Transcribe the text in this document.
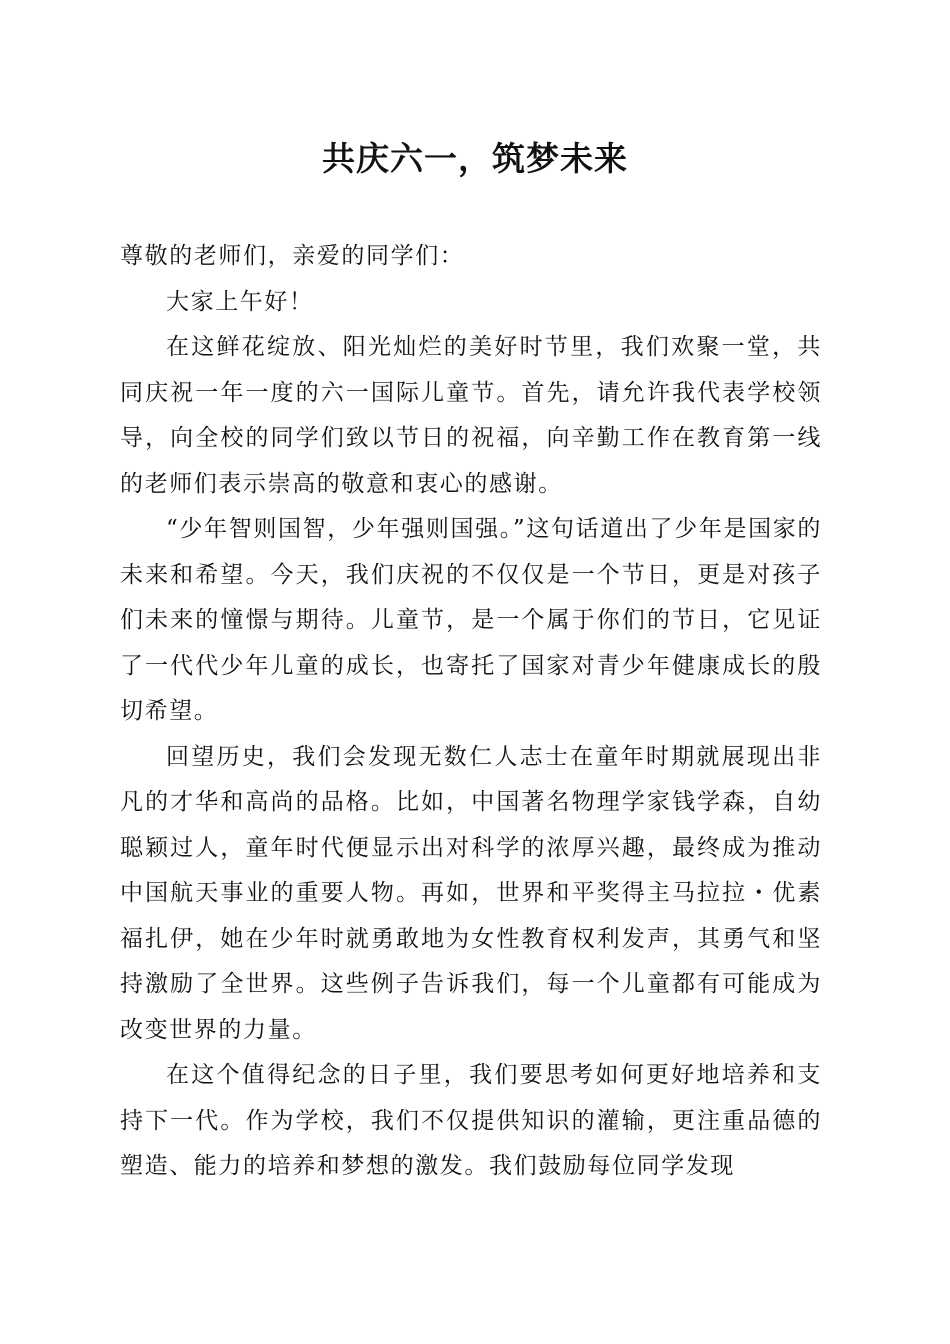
共庆六一，筑梦未来

尊敬的老师们，亲爱的同学们：

大家上午好！

在这鲜花绽放、阳光灿烂的美好时节里，我们欢聚一堂，共同庆祝一年一度的六一国际儿童节。首先，请允许我代表学校领导，向全校的同学们致以节日的祝福，向辛勤工作在教育第一线的老师们表示崇高的敬意和衷心的感谢。

“少年智则国智，少年强则国强。”这句话道出了少年是国家的未来和希望。今天，我们庆祝的不仅仅是一个节日，更是对孩子们未来的憧憬与期待。儿童节，是一个属于你们的节日，它见证了一代代少年儿童的成长，也寄托了国家对青少年健康成长的殷切希望。

回望历史，我们会发现无数仁人志士在童年时期就展现出非凡的才华和高尚的品格。比如，中国著名物理学家钱学森，自幼聪颖过人，童年时代便显示出对科学的浓厚兴趣，最终成为推动中国航天事业的重要人物。再如，世界和平奖得主马拉拉・优素福扎伊，她在少年时就勇敢地为女性教育权利发声，其勇气和坚持激励了全世界。这些例子告诉我们，每一个儿童都有可能成为改变世界的力量。

在这个值得纪念的日子里，我们要思考如何更好地培养和支持下一代。作为学校，我们不仅提供知识的灌输，更注重品德的塑造、能力的培养和梦想的激发。我们鼓励每位同学发现
